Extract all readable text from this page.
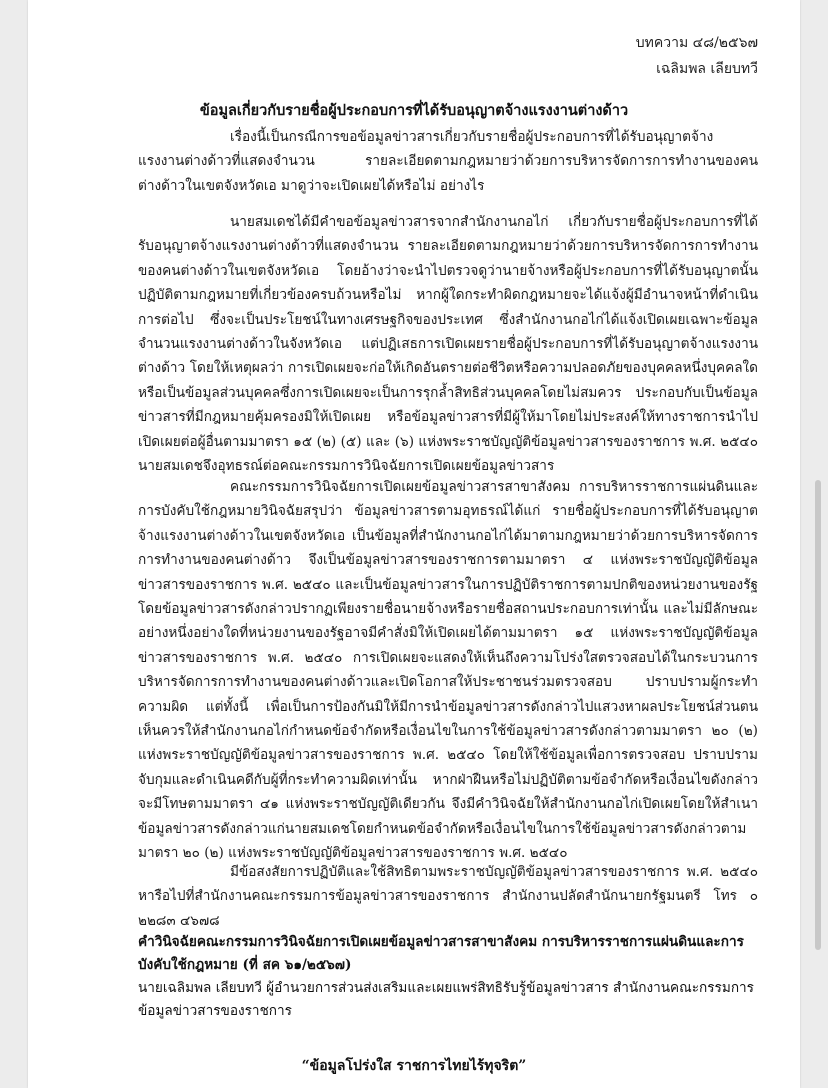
บทความ ๔๘/๒๕๖๗
เฉลิมพล เลียบทวี
ข้อมูลเกี่ยวกับรายชื่อผู้ประกอบการที่ได้รับอนุญาตจ้างแรงงานต่างด้าว

เรื่องนี้เป็นกรณีการขอข้อมูลข่าวสารเกี่ยวกับรายชื่อผู้ประกอบการที่ได้รับอนุญาตจ้างแรงงานต่างด้าวที่แสดงจำนวน รายละเอียดตามกฎหมายว่าด้วยการบริหารจัดการการทำงานของคนต่างด้าวในเขตจังหวัดเอ มาดูว่าจะเปิดเผยได้หรือไม่ อย่างไร

นายสมเดชได้มีคำขอข้อมูลข่าวสารจากสำนักงานกอไก่ เกี่ยวกับรายชื่อผู้ประกอบการที่ได้รับอนุญาตจ้างแรงงานต่างด้าวที่แสดงจำนวน รายละเอียดตามกฎหมายว่าด้วยการบริหารจัดการการทำงานของคนต่างด้าวในเขตจังหวัดเอ โดยอ้างว่าจะนำไปตรวจดูว่านายจ้างหรือผู้ประกอบการที่ได้รับอนุญาตนั้นปฏิบัติตามกฎหมายที่เกี่ยวข้องครบถ้วนหรือไม่ หากผู้ใดกระทำผิดกฎหมายจะได้แจ้งผู้มีอำนาจหน้าที่ดำเนินการต่อไป ซึ่งจะเป็นประโยชน์ในทางเศรษฐกิจของประเทศ ซึ่งสำนักงานกอไก่ได้แจ้งเปิดเผยเฉพาะข้อมูลจำนวนแรงงานต่างด้าวในจังหวัดเอ แต่ปฏิเสธการเปิดเผยรายชื่อผู้ประกอบการที่ได้รับอนุญาตจ้างแรงงานต่างด้าว โดยให้เหตุผลว่า การเปิดเผยจะก่อให้เกิดอันตรายต่อชีวิตหรือความปลอดภัยของบุคคลหนึ่งบุคคลใด หรือเป็นข้อมูลส่วนบุคคลซึ่งการเปิดเผยจะเป็นการรุกล้ำสิทธิส่วนบุคคลโดยไม่สมควร ประกอบกับเป็นข้อมูลข่าวสารที่มีกฎหมายคุ้มครองมิให้เปิดเผย หรือข้อมูลข่าวสารที่มีผู้ให้มาโดยไม่ประสงค์ให้ทางราชการนำไปเปิดเผยต่อผู้อื่นตามมาตรา ๑๕ (๒) (๕) และ (๖) แห่งพระราชบัญญัติข้อมูลข่าวสารของราชการ พ.ศ. ๒๕๔๐ นายสมเดชจึงอุทธรณ์ต่อคณะกรรมการวินิจฉัยการเปิดเผยข้อมูลข่าวสาร

คณะกรรมการวินิจฉัยการเปิดเผยข้อมูลข่าวสารสาขาสังคม การบริหารราชการแผ่นดินและการบังคับใช้กฎหมายวินิจฉัยสรุปว่า ข้อมูลข่าวสารตามอุทธรณ์ได้แก่ รายชื่อผู้ประกอบการที่ได้รับอนุญาตจ้างแรงงานต่างด้าวในเขตจังหวัดเอ เป็นข้อมูลที่สำนักงานกอไก่ได้มาตามกฎหมายว่าด้วยการบริหารจัดการการทำงานของคนต่างด้าว จึงเป็นข้อมูลข่าวสารของราชการตามมาตรา ๔ แห่งพระราชบัญญัติข้อมูลข่าวสารของราชการ พ.ศ. ๒๕๔๐ และเป็นข้อมูลข่าวสารในการปฏิบัติราชการตามปกติของหน่วยงานของรัฐ โดยข้อมูลข่าวสารดังกล่าวปรากฏเพียงรายชื่อนายจ้างหรือรายชื่อสถานประกอบการเท่านั้น และไม่มีลักษณะอย่างหนึ่งอย่างใดที่หน่วยงานของรัฐอาจมีคำสั่งมิให้เปิดเผยได้ตามมาตรา ๑๕ แห่งพระราชบัญญัติข้อมูลข่าวสารของราชการ พ.ศ. ๒๕๔๐ การเปิดเผยจะแสดงให้เห็นถึงความโปร่งใสตรวจสอบได้ในกระบวนการบริหารจัดการการทำงานของคนต่างด้าวและเปิดโอกาสให้ประชาชนร่วมตรวจสอบ ปราบปรามผู้กระทำความผิด แต่ทั้งนี้ เพื่อเป็นการป้องกันมิให้มีการนำข้อมูลข่าวสารดังกล่าวไปแสวงหาผลประโยชน์ส่วนตน เห็นควรให้สำนักงานกอไก่กำหนดข้อจำกัดหรือเงื่อนไขในการใช้ข้อมูลข่าวสารดังกล่าวตามมาตรา ๒๐ (๒) แห่งพระราชบัญญัติข้อมูลข่าวสารของราชการ พ.ศ. ๒๕๔๐ โดยให้ใช้ข้อมูลเพื่อการตรวจสอบ ปราบปราม จับกุมและดำเนินคดีกับผู้ที่กระทำความผิดเท่านั้น หากฝ่าฝืนหรือไม่ปฏิบัติตามข้อจำกัดหรือเงื่อนไขดังกล่าวจะมีโทษตามมาตรา ๔๑ แห่งพระราชบัญญัติเดียวกัน จึงมีคำวินิจฉัยให้สำนักงานกอไก่เปิดเผยโดยให้สำเนาข้อมูลข่าวสารดังกล่าวแก่นายสมเดชโดยกำหนดข้อจำกัดหรือเงื่อนไขในการใช้ข้อมูลข่าวสารดังกล่าวตามมาตรา ๒๐ (๒) แห่งพระราชบัญญัติข้อมูลข่าวสารของราชการ พ.ศ. ๒๕๔๐

มีข้อสงสัยการปฏิบัติและใช้สิทธิตามพระราชบัญญัติข้อมูลข่าวสารของราชการ พ.ศ. ๒๕๔๐ หารือไปที่สำนักงานคณะกรรมการข้อมูลข่าวสารของราชการ สำนักงานปลัดสำนักนายกรัฐมนตรี โทร ๐ ๒๒๘๓ ๔๖๗๘

คำวินิจฉัยคณะกรรมการวินิจฉัยการเปิดเผยข้อมูลข่าวสารสาขาสังคม การบริหารราชการแผ่นดินและการบังคับใช้กฎหมาย (ที่ สค ๖๑/๒๕๖๗)
นายเฉลิมพล เลียบทวี ผู้อำนวยการส่วนส่งเสริมและเผยแพร่สิทธิรับรู้ข้อมูลข่าวสาร สำนักงานคณะกรรมการข้อมูลข่าวสารของราชการ
“ข้อมูลโปร่งใส ราชการไทยไร้ทุจริต”
